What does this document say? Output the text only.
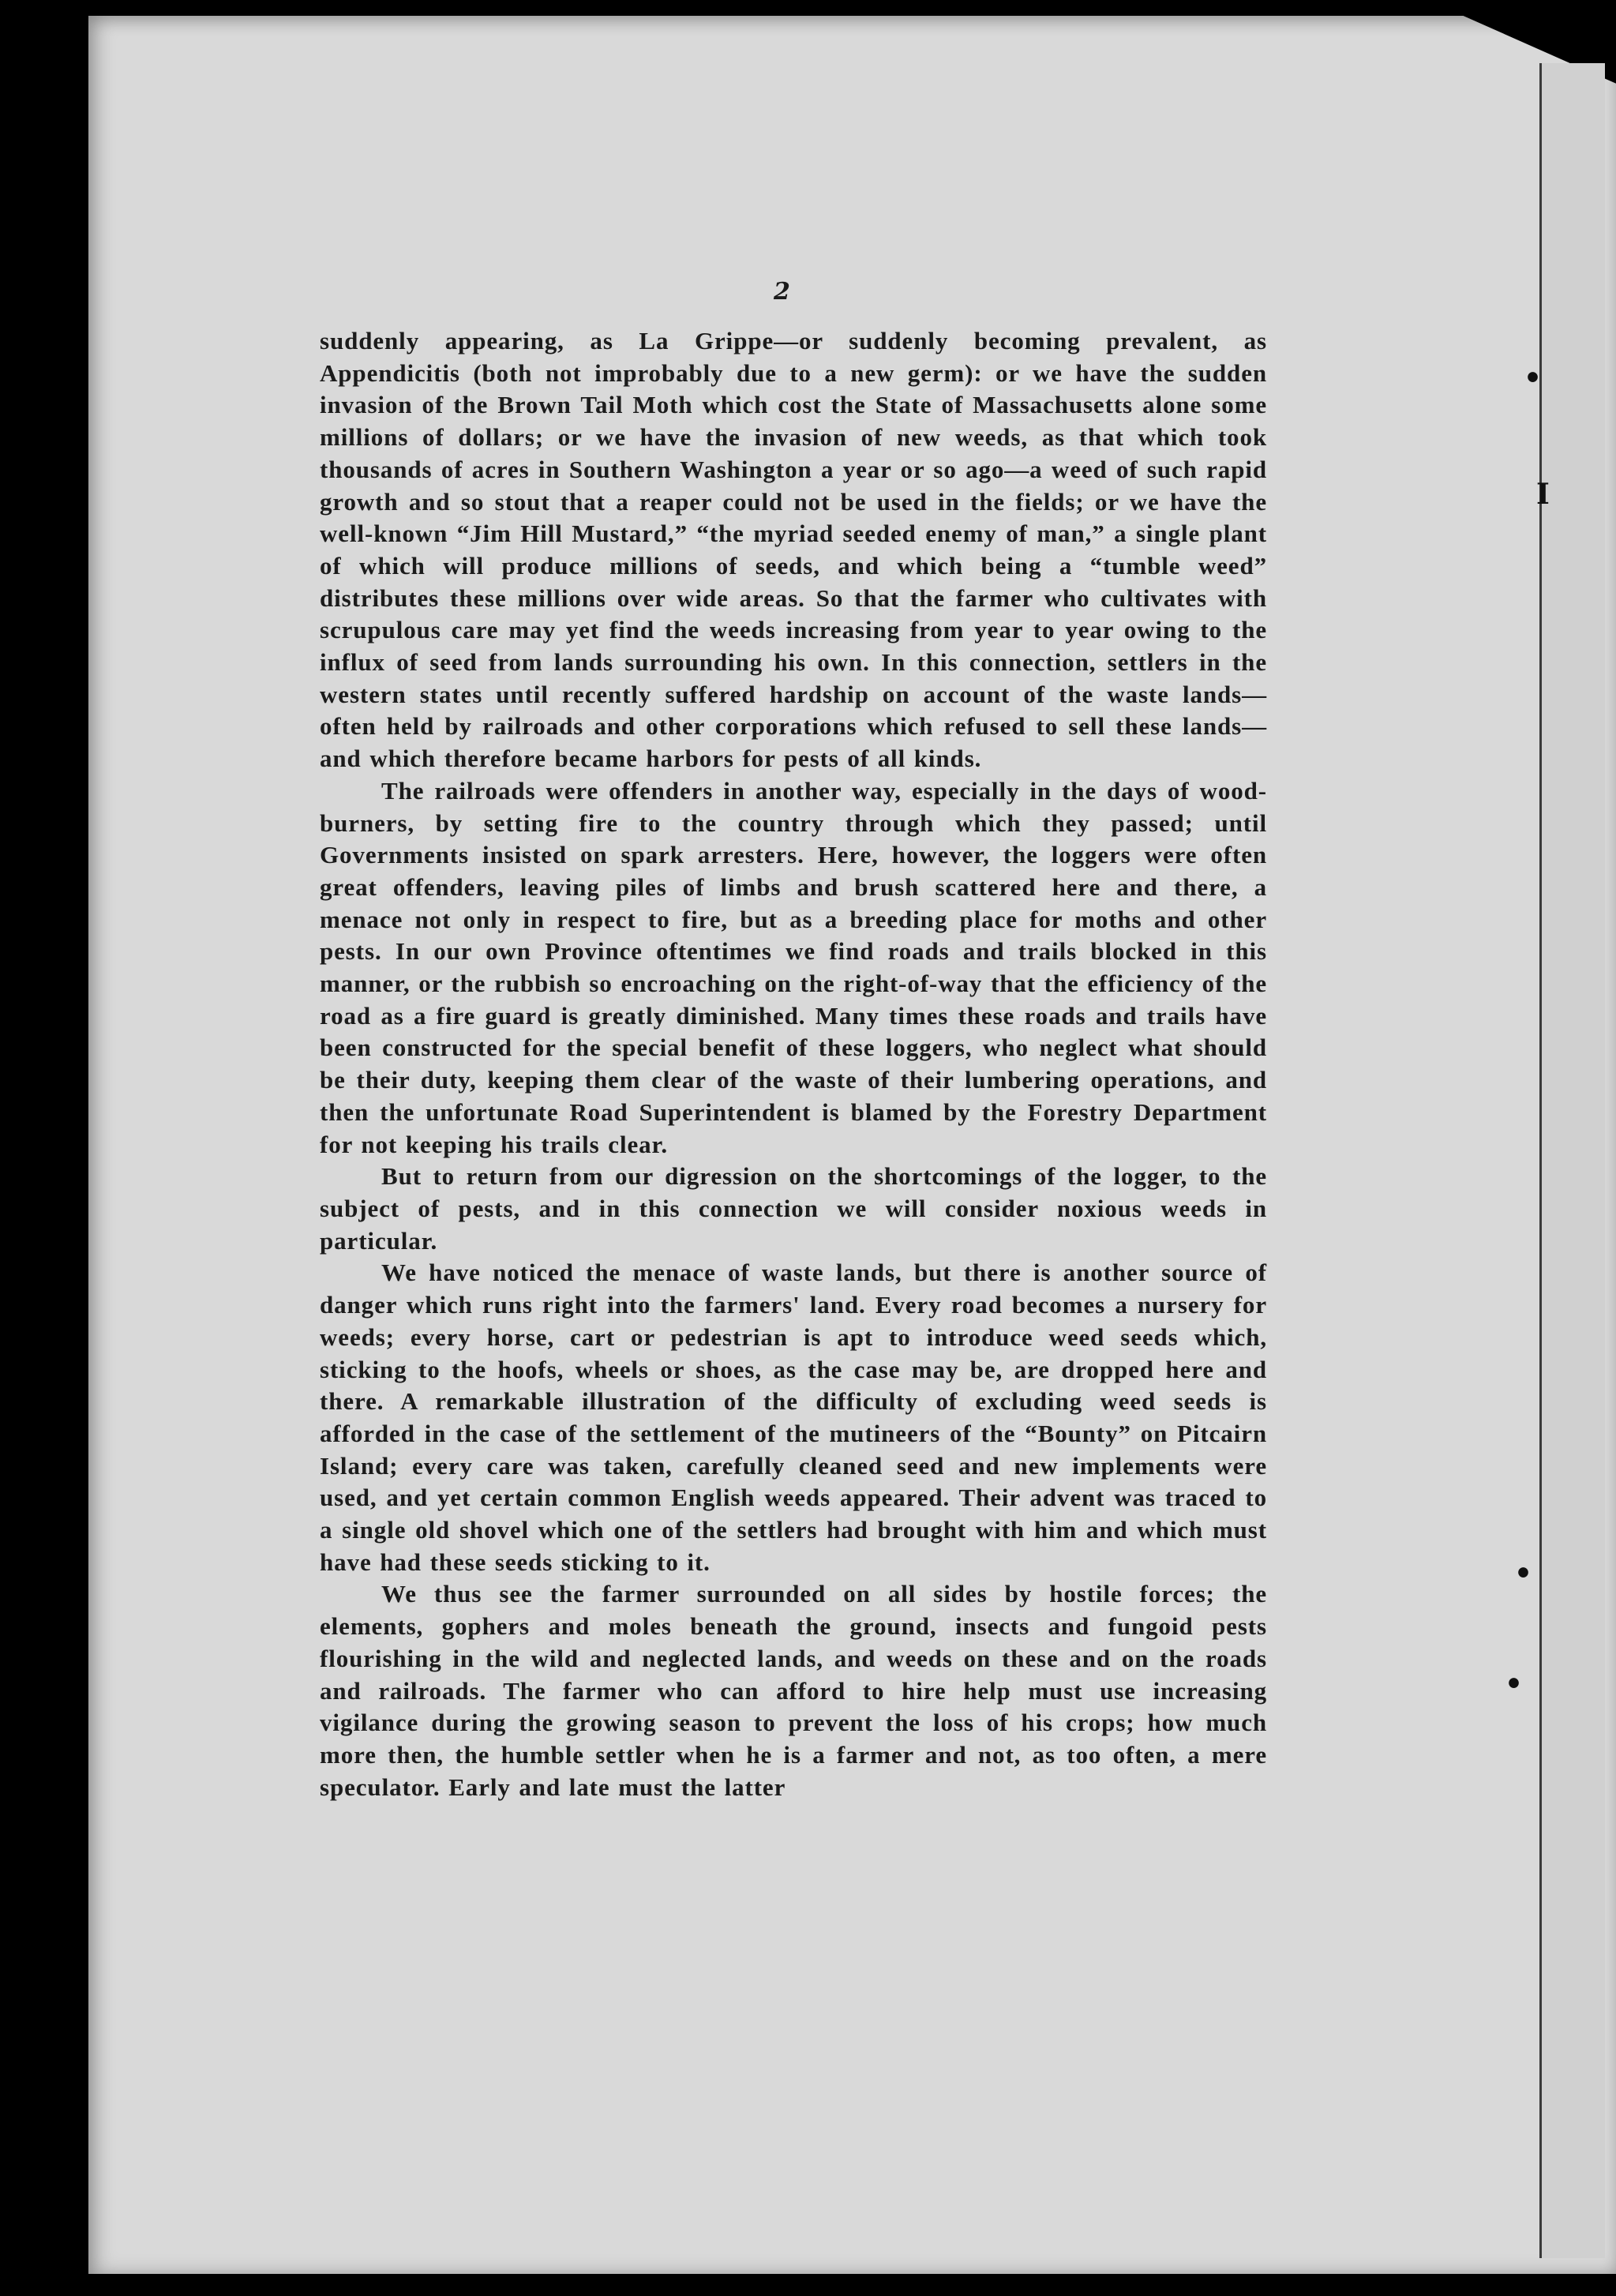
•
I
•
•
2

suddenly appearing, as La Grippe—or suddenly becoming prevalent, as Appendicitis (both not improbably due to a new germ): or we have the sudden invasion of the Brown Tail Moth which cost the State of Massachusetts alone some millions of dollars; or we have the invasion of new weeds, as that which took thousands of acres in Southern Washington a year or so ago—a weed of such rapid growth and so stout that a reaper could not be used in the fields; or we have the well-known “Jim Hill Mustard,” “the myriad seeded enemy of man,” a single plant of which will produce millions of seeds, and which being a “tumble weed” distributes these millions over wide areas. So that the farmer who cultivates with scrupulous care may yet find the weeds increasing from year to year owing to the influx of seed from lands surrounding his own. In this connection, settlers in the western states until recently suffered hardship on account of the waste lands—often held by railroads and other corporations which refused to sell these lands—and which therefore became harbors for pests of all kinds.

The railroads were offenders in another way, especially in the days of wood-burners, by setting fire to the country through which they passed; until Governments insisted on spark arresters. Here, however, the loggers were often great offenders, leaving piles of limbs and brush scattered here and there, a menace not only in respect to fire, but as a breeding place for moths and other pests. In our own Province oftentimes we find roads and trails blocked in this manner, or the rubbish so encroaching on the right-of-way that the efficiency of the road as a fire guard is greatly diminished. Many times these roads and trails have been constructed for the special benefit of these loggers, who neglect what should be their duty, keeping them clear of the waste of their lumbering operations, and then the unfortunate Road Superintendent is blamed by the Forestry Department for not keeping his trails clear.

But to return from our digression on the shortcomings of the logger, to the subject of pests, and in this connection we will consider noxious weeds in particular.

We have noticed the menace of waste lands, but there is another source of danger which runs right into the farmers' land. Every road becomes a nursery for weeds; every horse, cart or pedestrian is apt to introduce weed seeds which, sticking to the hoofs, wheels or shoes, as the case may be, are dropped here and there. A remarkable illustration of the difficulty of excluding weed seeds is afforded in the case of the settlement of the mutineers of the “Bounty” on Pitcairn Island; every care was taken, carefully cleaned seed and new implements were used, and yet certain common English weeds appeared. Their advent was traced to a single old shovel which one of the settlers had brought with him and which must have had these seeds sticking to it.

We thus see the farmer surrounded on all sides by hostile forces; the elements, gophers and moles beneath the ground, insects and fungoid pests flourishing in the wild and neglected lands, and weeds on these and on the roads and railroads. The farmer who can afford to hire help must use increasing vigilance during the growing season to prevent the loss of his crops; how much more then, the humble settler when he is a farmer and not, as too often, a mere speculator. Early and late must the latter
